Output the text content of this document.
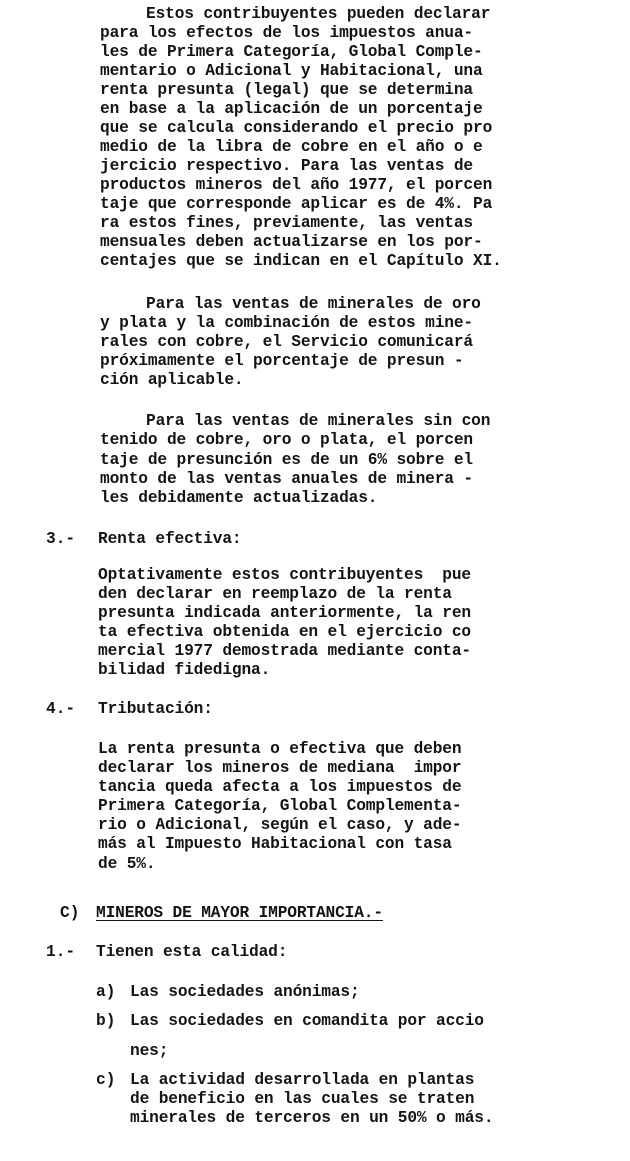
Estos contribuyentes pueden declarar
para los efectos de los impuestos anua-
les de Primera Categoría, Global Comple-
mentario o Adicional y Habitacional, una
renta presunta (legal) que se determina
en base a la aplicación de un porcentaje
que se calcula considerando el precio pro
medio de la libra de cobre en el año o e
jercicio respectivo. Para las ventas de
productos mineros del año 1977, el porcen
taje que corresponde aplicar es de 4%. Pa
ra estos fines, previamente, las ventas
mensuales deben actualizarse en los por-
centajes que se indican en el Capítulo XI.
Para las ventas de minerales de oro
y plata y la combinación de estos mine-
rales con cobre, el Servicio comunicará
próximamente el porcentaje de presun -
ción aplicable.
Para las ventas de minerales sin con
tenido de cobre, oro o plata, el porcen
taje de presunción es de un 6% sobre el
monto de las ventas anuales de minera -
les debidamente actualizadas.
3.- Renta efectiva:
Optativamente estos contribuyentes  pue
den declarar en reemplazo de la renta
presunta indicada anteriormente, la ren
ta efectiva obtenida en el ejercicio co
mercial 1977 demostrada mediante conta-
bilidad fidedigna.
4.- Tributación:
La renta presunta o efectiva que deben
declarar los mineros de mediana  impor
tancia queda afecta a los impuestos de
Primera Categoría, Global Complementa-
rio o Adicional, según el caso, y ade-
más al Impuesto Habitacional con tasa
de 5%.
C) MINEROS DE MAYOR IMPORTANCIA.-
1.- Tienen esta calidad:
a) Las sociedades anónimas;
b) Las sociedades en comandita por accio
nes;
c) La actividad desarrollada en plantas
de beneficio en las cuales se traten
minerales de terceros en un 50% o más.
